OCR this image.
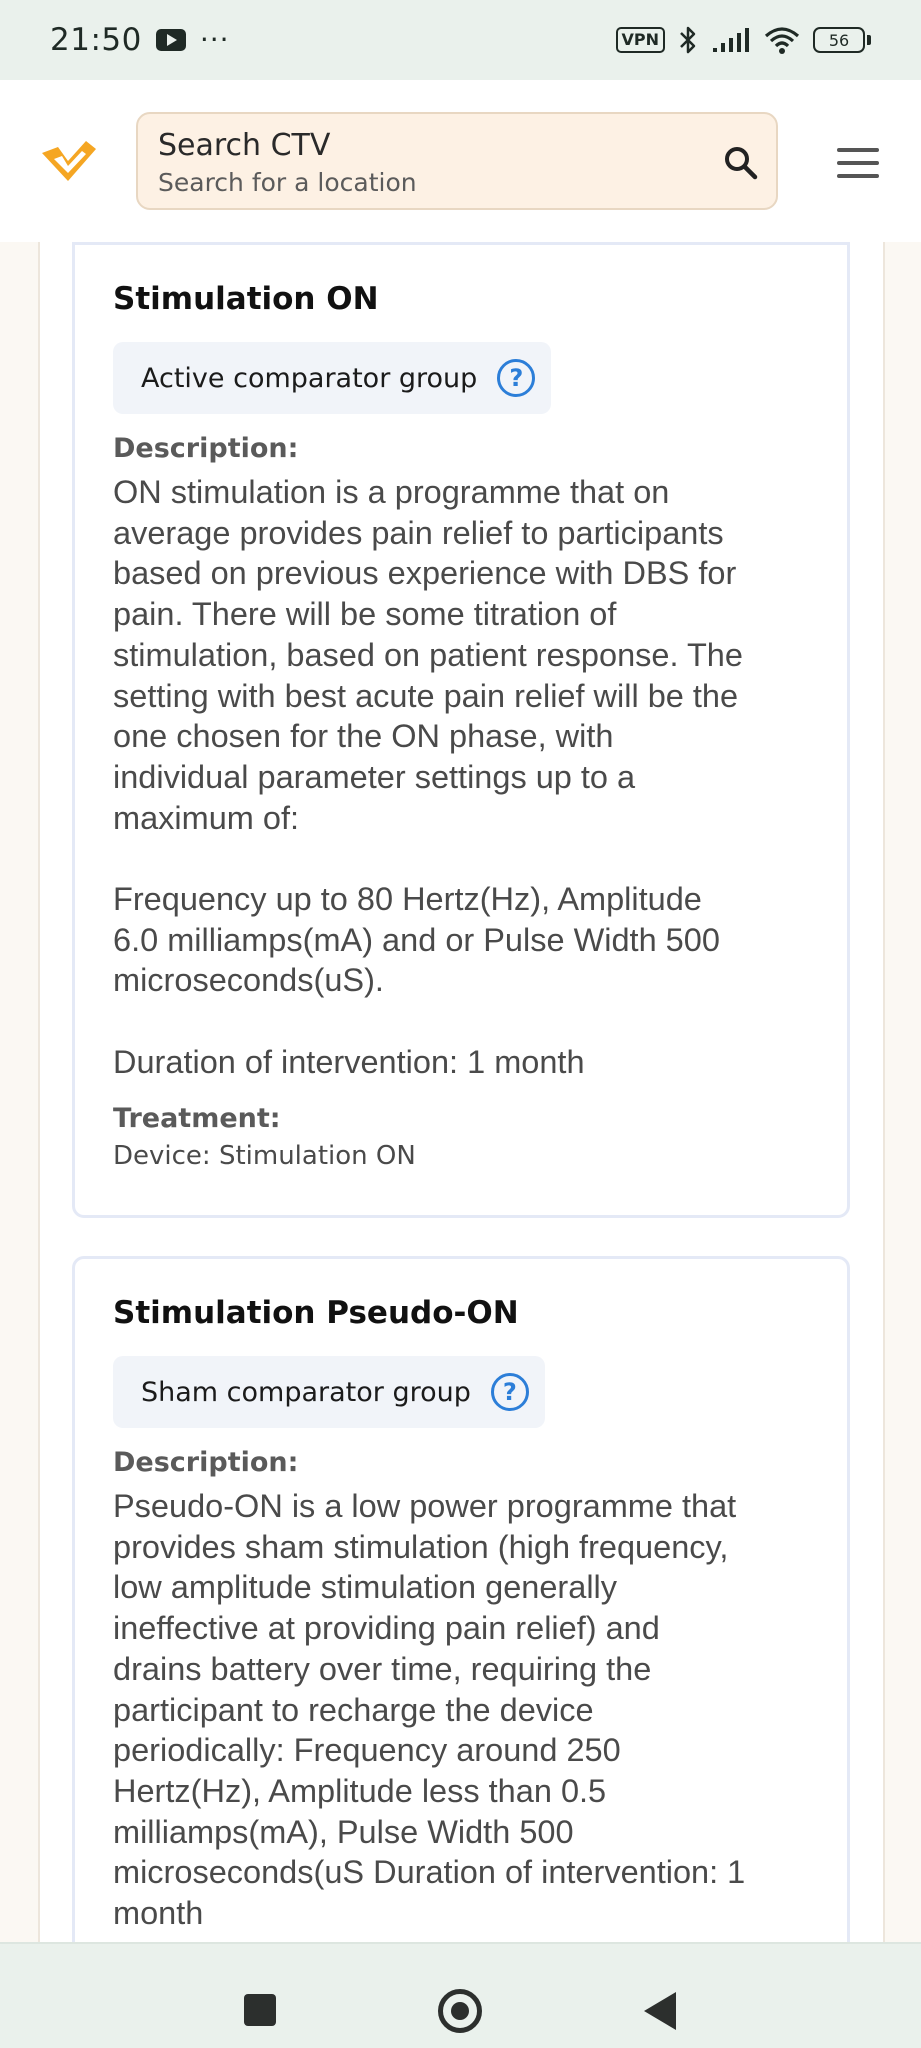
21:50 ···	VPN	56
Search CTV
Search for a location
Stimulation ON
Active comparator group	?
Description:
ON stimulation is a programme that on
average provides pain relief to participants
based on previous experience with DBS for
pain. There will be some titration of
stimulation, based on patient response. The
setting with best acute pain relief will be the
one chosen for the ON phase, with
individual parameter settings up to a
maximum of:
Frequency up to 80 Hertz(Hz), Amplitude
6.0 milliamps(mA) and or Pulse Width 500
microseconds(uS).
Duration of intervention: 1 month
Treatment:
Device: Stimulation ON
Stimulation Pseudo-ON
Sham comparator group	?
Description:
Pseudo-ON is a low power programme that
provides sham stimulation (high frequency,
low amplitude stimulation generally
ineffective at providing pain relief) and
drains battery over time, requiring the
participant to recharge the device
periodically: Frequency around 250
Hertz(Hz), Amplitude less than 0.5
milliamps(mA), Pulse Width 500
microseconds(uS Duration of intervention: 1
month
